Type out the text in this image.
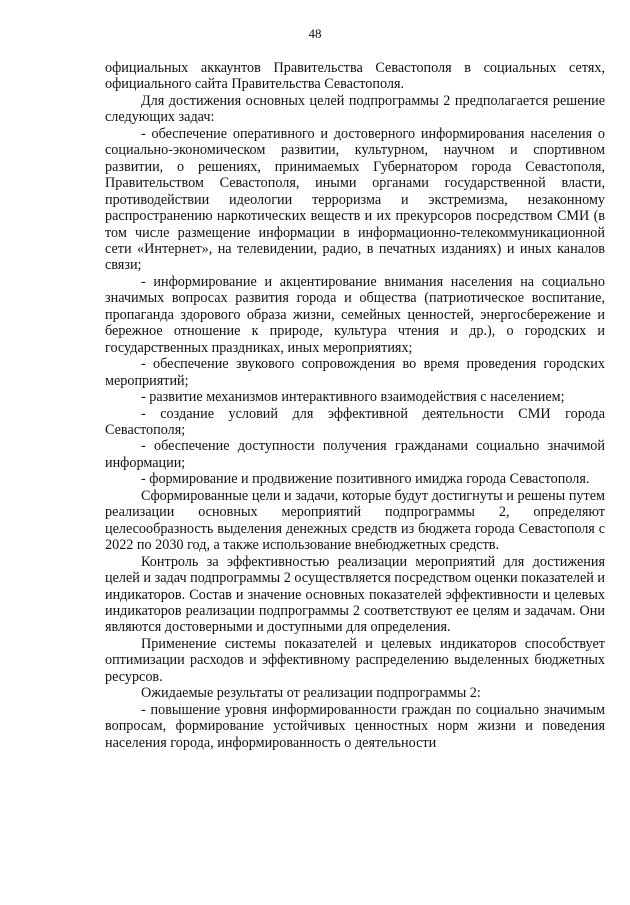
48

официальных аккаунтов Правительства Севастополя в социальных сетях, официального сайта Правительства Севастополя.

Для достижения основных целей подпрограммы 2 предполагается решение следующих задач:

- обеспечение оперативного и достоверного информирования населения о социально-экономическом развитии, культурном, научном и спортивном развитии, о решениях, принимаемых Губернатором города Севастополя, Правительством Севастополя, иными органами государственной власти, противодействии идеологии терроризма и экстремизма, незаконному распространению наркотических веществ и их прекурсоров посредством СМИ (в том числе размещение информации в информационно-телекоммуникационной сети «Интернет», на телевидении, радио, в печатных изданиях) и иных каналов связи;

- информирование и акцентирование внимания населения на социально значимых вопросах развития города и общества (патриотическое воспитание, пропаганда здорового образа жизни, семейных ценностей, энергосбережение и бережное отношение к природе, культура чтения и др.), о городских и государственных праздниках, иных мероприятиях;

- обеспечение звукового сопровождения во время проведения городских мероприятий;

- развитие механизмов интерактивного взаимодействия с населением;

- создание условий для эффективной деятельности СМИ города Севастополя;

- обеспечение доступности получения гражданами социально значимой информации;

- формирование и продвижение позитивного имиджа города Севастополя.

Сформированные цели и задачи, которые будут достигнуты и решены путем реализации основных мероприятий подпрограммы 2, определяют целесообразность выделения денежных средств из бюджета города Севастополя с 2022 по 2030 год, а также использование внебюджетных средств.

Контроль за эффективностью реализации мероприятий для достижения целей и задач подпрограммы 2 осуществляется посредством оценки показателей и индикаторов. Состав и значение основных показателей эффективности и целевых индикаторов реализации подпрограммы 2 соответствуют ее целям и задачам. Они являются достоверными и доступными для определения.

Применение системы показателей и целевых индикаторов способствует оптимизации расходов и эффективному распределению выделенных бюджетных ресурсов.

Ожидаемые результаты от реализации подпрограммы 2:

- повышение уровня информированности граждан по социально значимым вопросам, формирование устойчивых ценностных норм жизни и поведения населения города, информированность о деятельности
